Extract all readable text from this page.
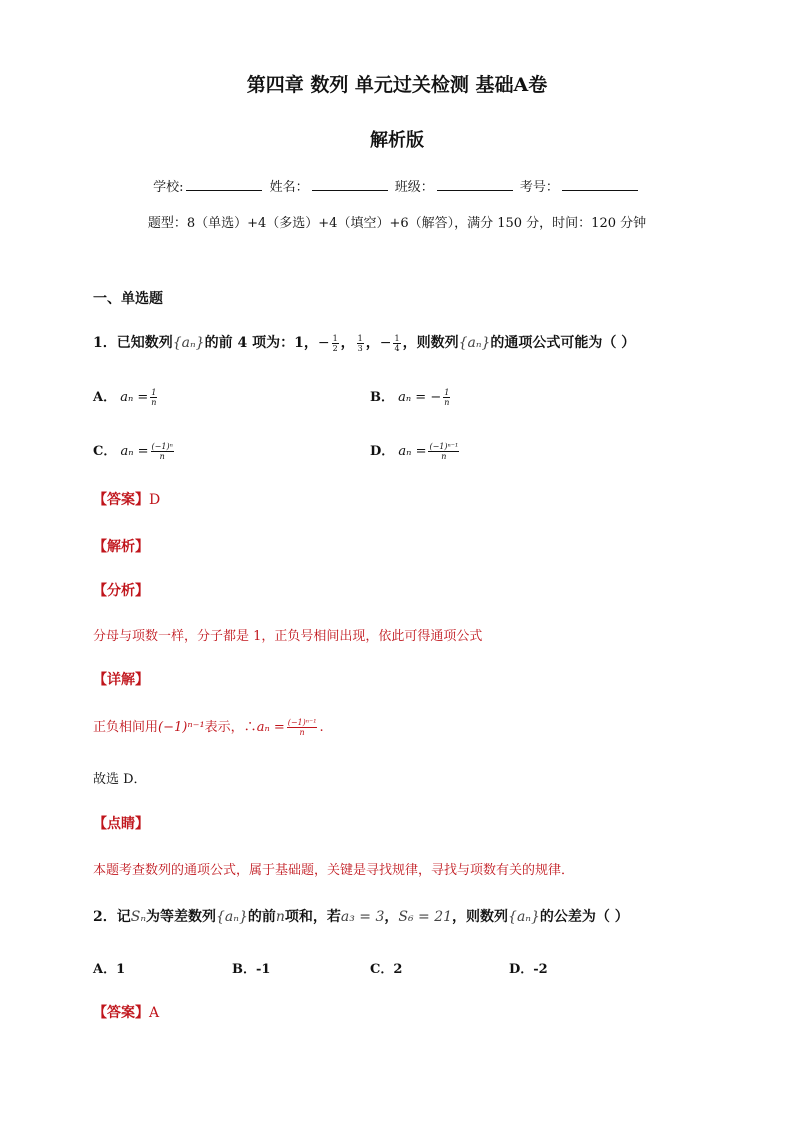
第四章 数列 单元过关检测 基础A卷
解析版
学校:	姓名：	班级：	考号：
题型：8（单选）+4（多选）+4（填空）+6（解答），满分 150 分，时间：120 分钟
一、单选题
1．已知数列{aₙ}的前 4 项为：1，− $\frac{1}{2}$ ， $\frac{1}{3}$ ，− $\frac{1}{4}$ ，则数列{aₙ}的通项公式可能为（ ）
A． $a_n = \frac{1}{n}$	B． aₙ = − $\frac{1}{n}$
C． $a_n = \frac{\text{(−1)ⁿ}}{n}$	D． $a_n = \frac{\text{(−1)ⁿ⁻¹}}{n}$
【答案】D
【解析】
【分析】
分母与项数一样，分子都是 1，正负号相间出现，依此可得通项公式
【详解】
正负相间用(−1)ⁿ⁻¹表示，∴aₙ = $\frac{\text{(−1)ⁿ⁻¹}}{n}$ .
故选 D．
【点睛】
本题考查数列的通项公式，属于基础题，关键是寻找规律，寻找与项数有关的规律．
2．记Sₙ为等差数列{aₙ}的前n项和，若a₃ = 3，S₆ = 21，则数列{aₙ}的公差为（ ）
A．1	B．-1	C．2	D．-2
【答案】A
